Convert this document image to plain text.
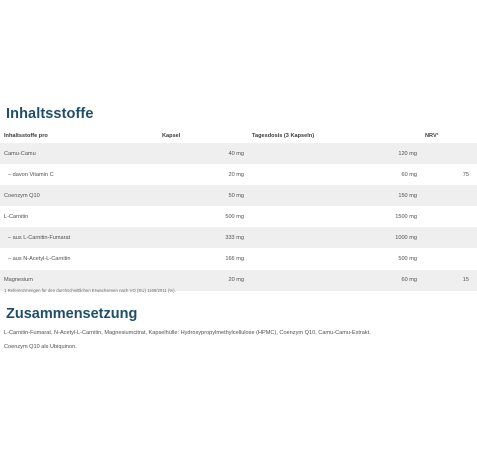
Inhaltsstoffe
Inhaltsstoffe pro	Kapsel	Tagesdosis (3 Kapseln)	NRV¹
Camu-Camu	40 mg	120 mg	
– davon Vitamin C	20 mg	60 mg	75
Coenzym Q10	50 mg	150 mg	
L-Carnitin	500 mg	1500 mg	
– aus L-Carnitin-Fumarat	333 mg	1000 mg	
– aus N-Acetyl-L-Carnitin	166 mg	500 mg	
Magnesium	20 mg	60 mg	15
1 Referenzmengen für den durchschnittlichen Erwachsenen nach VO (EU) 1169/2011 (%).
Zusammensetzung

L-Carnitin-Fumarat, N-Acetyl-L-Carnitin, Magnesiumcitrat, Kapselhülle: Hydroxypropylmethylcellulose (HPMC), Coenzym Q10, Camu-Camu-Extrakt.

Coenzym Q10 als Ubiquinon.
